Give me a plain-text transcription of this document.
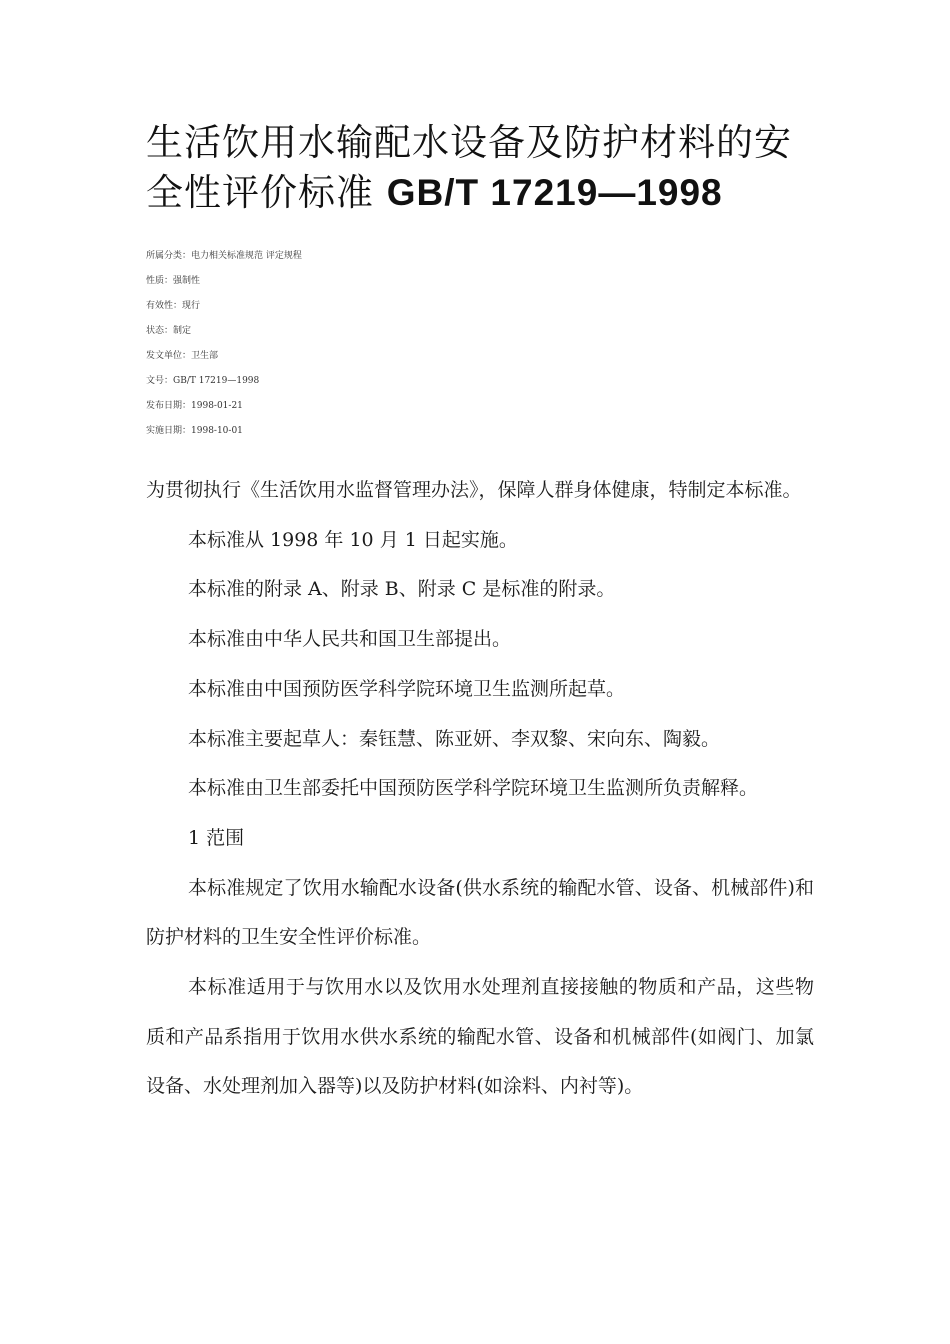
生活饮用水输配水设备及防护材料的安
全性评价标准 GB/T 17219—1998
所属分类：电力相关标准规范 评定规程
性质：强制性
有效性：现行
状态：制定
发文单位：卫生部
文号：GB/T 17219—1998
发布日期：1998-01-21
实施日期：1998-10-01

为贯彻执行《生活饮用水监督管理办法》，保障人群身体健康，特制定本标准。

本标准从 1998 年 10 月 1 日起实施。

本标准的附录 A、附录 B、附录 C 是标准的附录。

本标准由中华人民共和国卫生部提出。

本标准由中国预防医学科学院环境卫生监测所起草。

本标准主要起草人：秦钰慧、陈亚妍、李双黎、宋向东、陶毅。

本标准由卫生部委托中国预防医学科学院环境卫生监测所负责解释。

1 范围

本标准规定了饮用水输配水设备(供水系统的输配水管、设备、机械部件)和防护材料的卫生安全性评价标准。

本标准适用于与饮用水以及饮用水处理剂直接接触的物质和产品，这些物质和产品系指用于饮用水供水系统的输配水管、设备和机械部件(如阀门、加氯设备、水处理剂加入器等)以及防护材料(如涂料、内衬等)。
